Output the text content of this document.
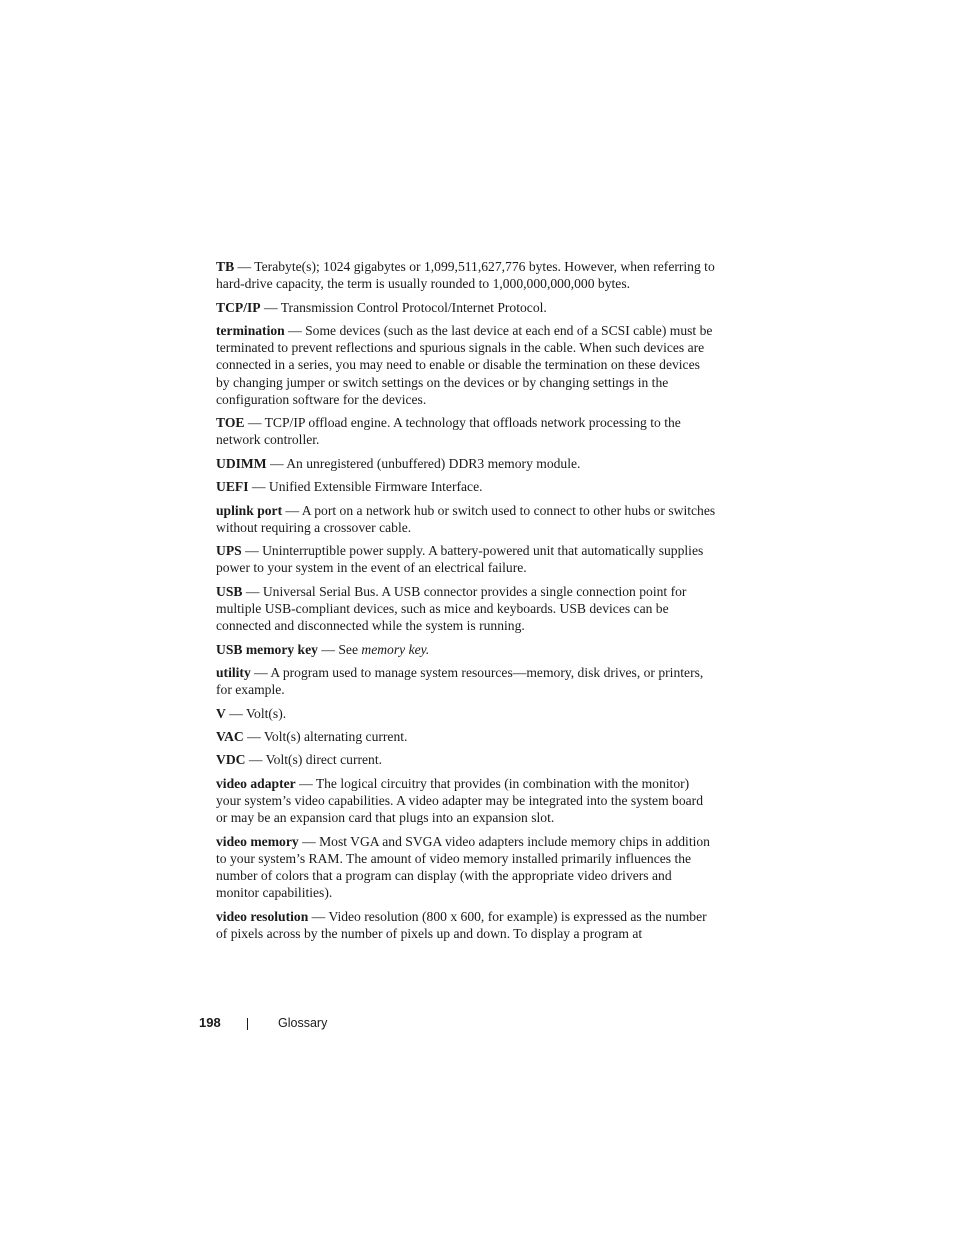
TB — Terabyte(s); 1024 gigabytes or 1,099,511,627,776 bytes. However, when referring to hard-drive capacity, the term is usually rounded to 1,000,000,000,000 bytes.

TCP/IP — Transmission Control Protocol/Internet Protocol.

termination — Some devices (such as the last device at each end of a SCSI cable) must be terminated to prevent reflections and spurious signals in the cable. When such devices are connected in a series, you may need to enable or disable the termination on these devices by changing jumper or switch settings on the devices or by changing settings in the configuration software for the devices.

TOE — TCP/IP offload engine. A technology that offloads network processing to the network controller.

UDIMM — An unregistered (unbuffered) DDR3 memory module.

UEFI — Unified Extensible Firmware Interface.

uplink port — A port on a network hub or switch used to connect to other hubs or switches without requiring a crossover cable.

UPS — Uninterruptible power supply. A battery-powered unit that automatically supplies power to your system in the event of an electrical failure.

USB — Universal Serial Bus. A USB connector provides a single connection point for multiple USB-compliant devices, such as mice and keyboards. USB devices can be connected and disconnected while the system is running.

USB memory key — See memory key.

utility — A program used to manage system resources—memory, disk drives, or printers, for example.

V — Volt(s).

VAC — Volt(s) alternating current.

VDC — Volt(s) direct current.

video adapter — The logical circuitry that provides (in combination with the monitor) your system’s video capabilities. A video adapter may be integrated into the system board or may be an expansion card that plugs into an expansion slot.

video memory — Most VGA and SVGA video adapters include memory chips in addition to your system’s RAM. The amount of video memory installed primarily influences the number of colors that a program can display (with the appropriate video drivers and monitor capabilities).

video resolution — Video resolution (800 x 600, for example) is expressed as the number of pixels across by the number of pixels up and down. To display a program at

198	Glossary
